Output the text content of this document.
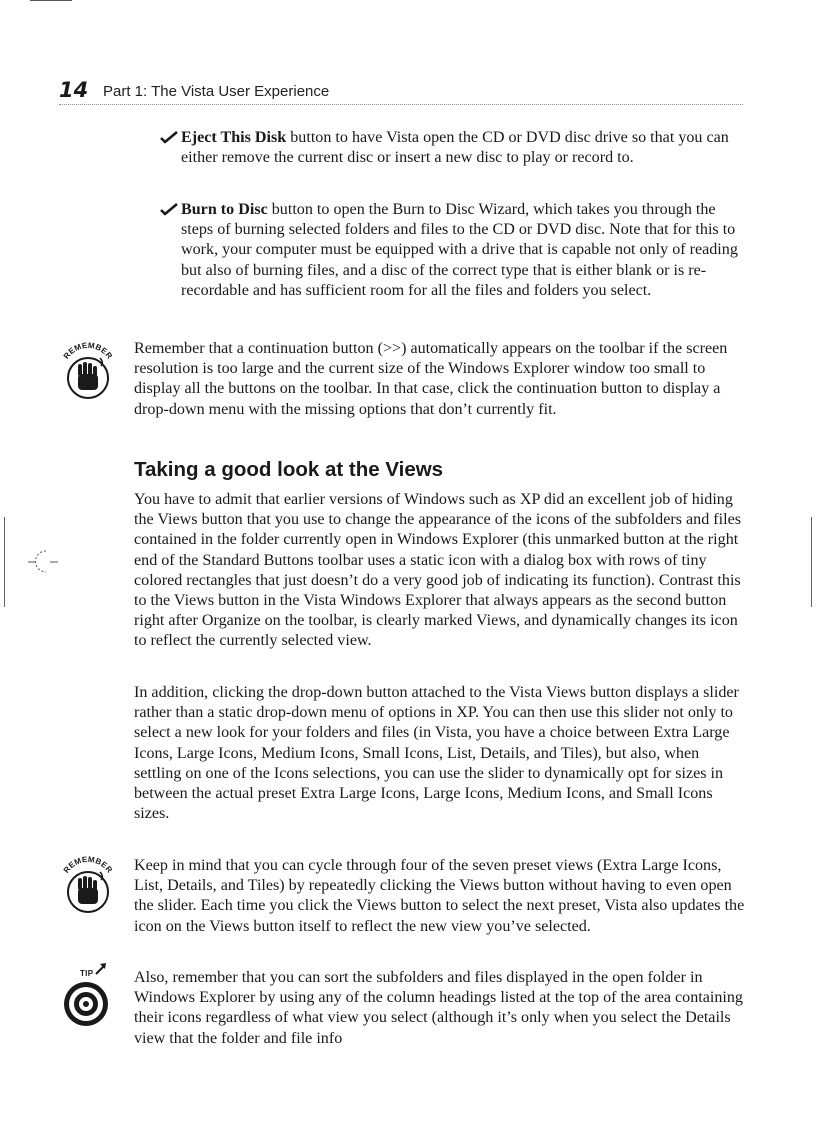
14 Part 1: The Vista User Experience

Eject This Disk button to have Vista open the CD or DVD disc drive so that you can either remove the current disc or insert a new disc to play or record to.

Burn to Disc button to open the Burn to Disc Wizard, which takes you through the steps of burning selected folders and files to the CD or DVD disc. Note that for this to work, your computer must be equipped with a drive that is capable not only of reading but also of burning files, and a disc of the correct type that is either blank or is re-recordable and has sufficient room for all the files and folders you select.

REMEMBER Remember that a continuation button (>>) automatically appears on the toolbar if the screen resolution is too large and the current size of the Windows Explorer window too small to display all the buttons on the toolbar. In that case, click the continuation button to display a drop-down menu with the missing options that don’t currently fit.

Taking a good look at the Views

You have to admit that earlier versions of Windows such as XP did an excellent job of hiding the Views button that you use to change the appearance of the icons of the subfolders and files contained in the folder currently open in Windows Explorer (this unmarked button at the right end of the Standard Buttons toolbar uses a static icon with a dialog box with rows of tiny colored rectangles that just doesn’t do a very good job of indicating its function). Contrast this to the Views button in the Vista Windows Explorer that always appears as the second button right after Organize on the toolbar, is clearly marked Views, and dynamically changes its icon to reflect the currently selected view.

In addition, clicking the drop-down button attached to the Vista Views button displays a slider rather than a static drop-down menu of options in XP. You can then use this slider not only to select a new look for your folders and files (in Vista, you have a choice between Extra Large Icons, Large Icons, Medium Icons, Small Icons, List, Details, and Tiles), but also, when settling on one of the Icons selections, you can use the slider to dynamically opt for sizes in between the actual preset Extra Large Icons, Large Icons, Medium Icons, and Small Icons sizes.

REMEMBER Keep in mind that you can cycle through four of the seven preset views (Extra Large Icons, List, Details, and Tiles) by repeatedly clicking the Views button without having to even open the slider. Each time you click the Views button to select the next preset, Vista also updates the icon on the Views button itself to reflect the new view you’ve selected.

TIP	Also, remember that you can sort the subfolders and files displayed in the open folder in Windows Explorer by using any of the column headings listed at the top of the area containing their icons regardless of what view you select (although it’s only when you select the Details view that the folder and file info
